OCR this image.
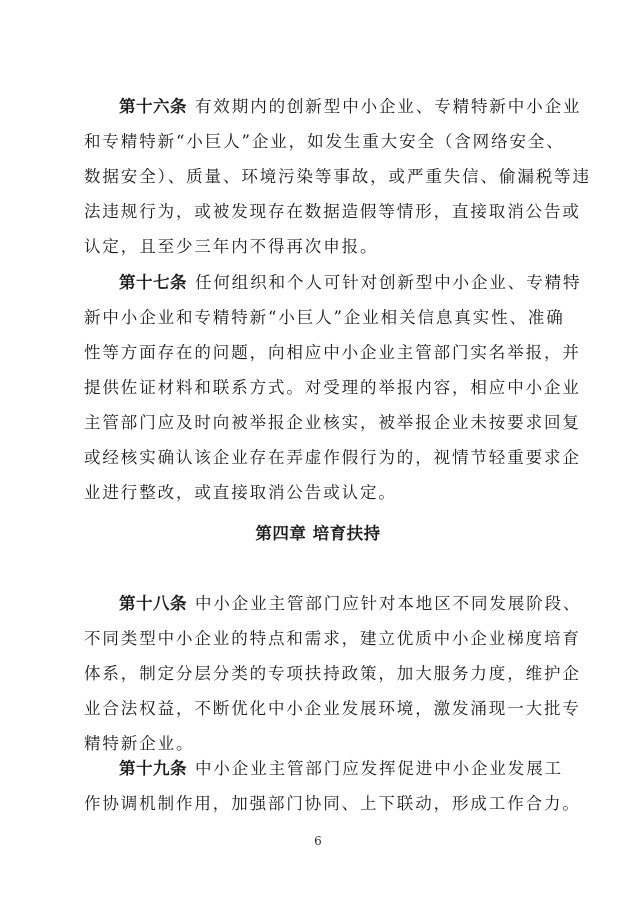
第十六条 有效期内的创新型中小企业、专精特新中小企业
和专精特新“小巨人”企业，如发生重大安全（含网络安全、
数据安全）、质量、环境污染等事故，或严重失信、偷漏税等违
法违规行为，或被发现存在数据造假等情形，直接取消公告或
认定，且至少三年内不得再次申报。
第十七条 任何组织和个人可针对创新型中小企业、专精特
新中小企业和专精特新“小巨人”企业相关信息真实性、准确
性等方面存在的问题，向相应中小企业主管部门实名举报，并
提供佐证材料和联系方式。对受理的举报内容，相应中小企业
主管部门应及时向被举报企业核实，被举报企业未按要求回复
或经核实确认该企业存在弄虚作假行为的，视情节轻重要求企
业进行整改，或直接取消公告或认定。
第四章 培育扶持
第十八条 中小企业主管部门应针对本地区不同发展阶段、
不同类型中小企业的特点和需求，建立优质中小企业梯度培育
体系，制定分层分类的专项扶持政策，加大服务力度，维护企
业合法权益，不断优化中小企业发展环境，激发涌现一大批专
精特新企业。
第十九条 中小企业主管部门应发挥促进中小企业发展工
作协调机制作用，加强部门协同、上下联动，形成工作合力。
6
